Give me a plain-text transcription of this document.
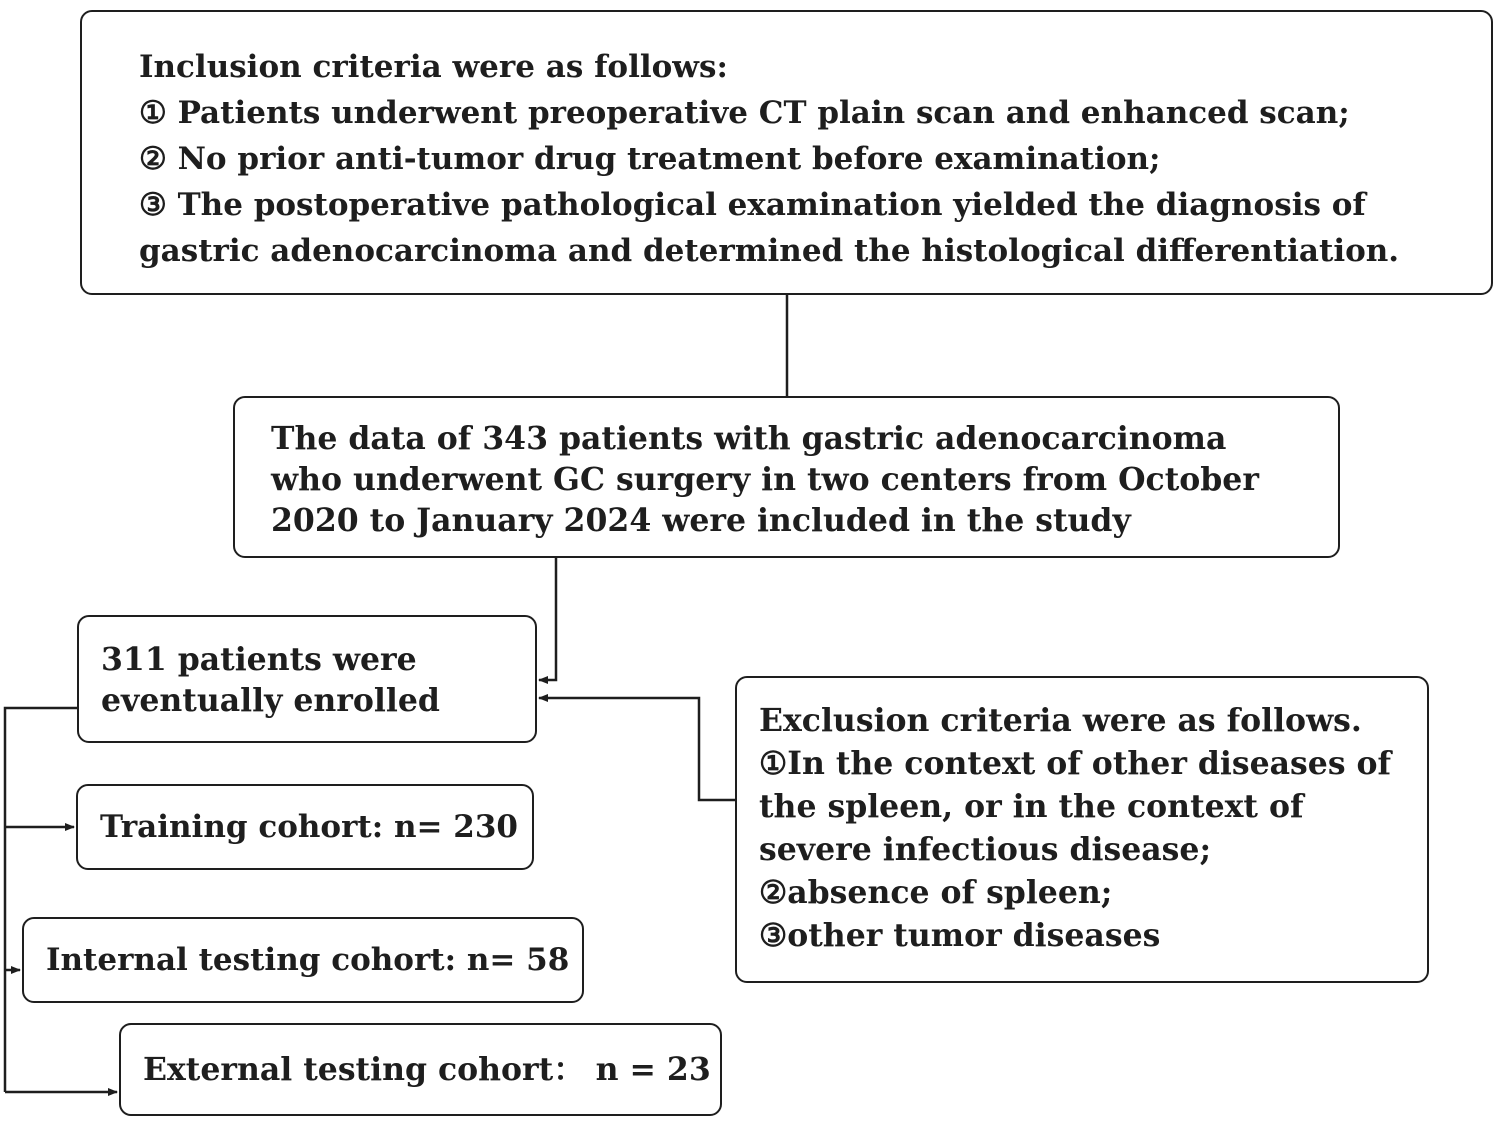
Inclusion criteria were as follows:
① Patients underwent preoperative CT plain scan and enhanced scan;
② No prior anti-tumor drug treatment before examination;
③ The postoperative pathological examination yielded the diagnosis of
gastric adenocarcinoma and determined the histological differentiation.
The data of 343 patients with gastric adenocarcinoma
who underwent GC surgery in two centers from October
2020 to January 2024 were included in the study
311 patients were
eventually enrolled
Training cohort: n= 230
Internal testing cohort: n= 58
External testing cohort： n = 23
Exclusion criteria were as follows.
①In the context of other diseases of
the spleen, or in the context of
severe infectious disease;
②absence of spleen;
③other tumor diseases
